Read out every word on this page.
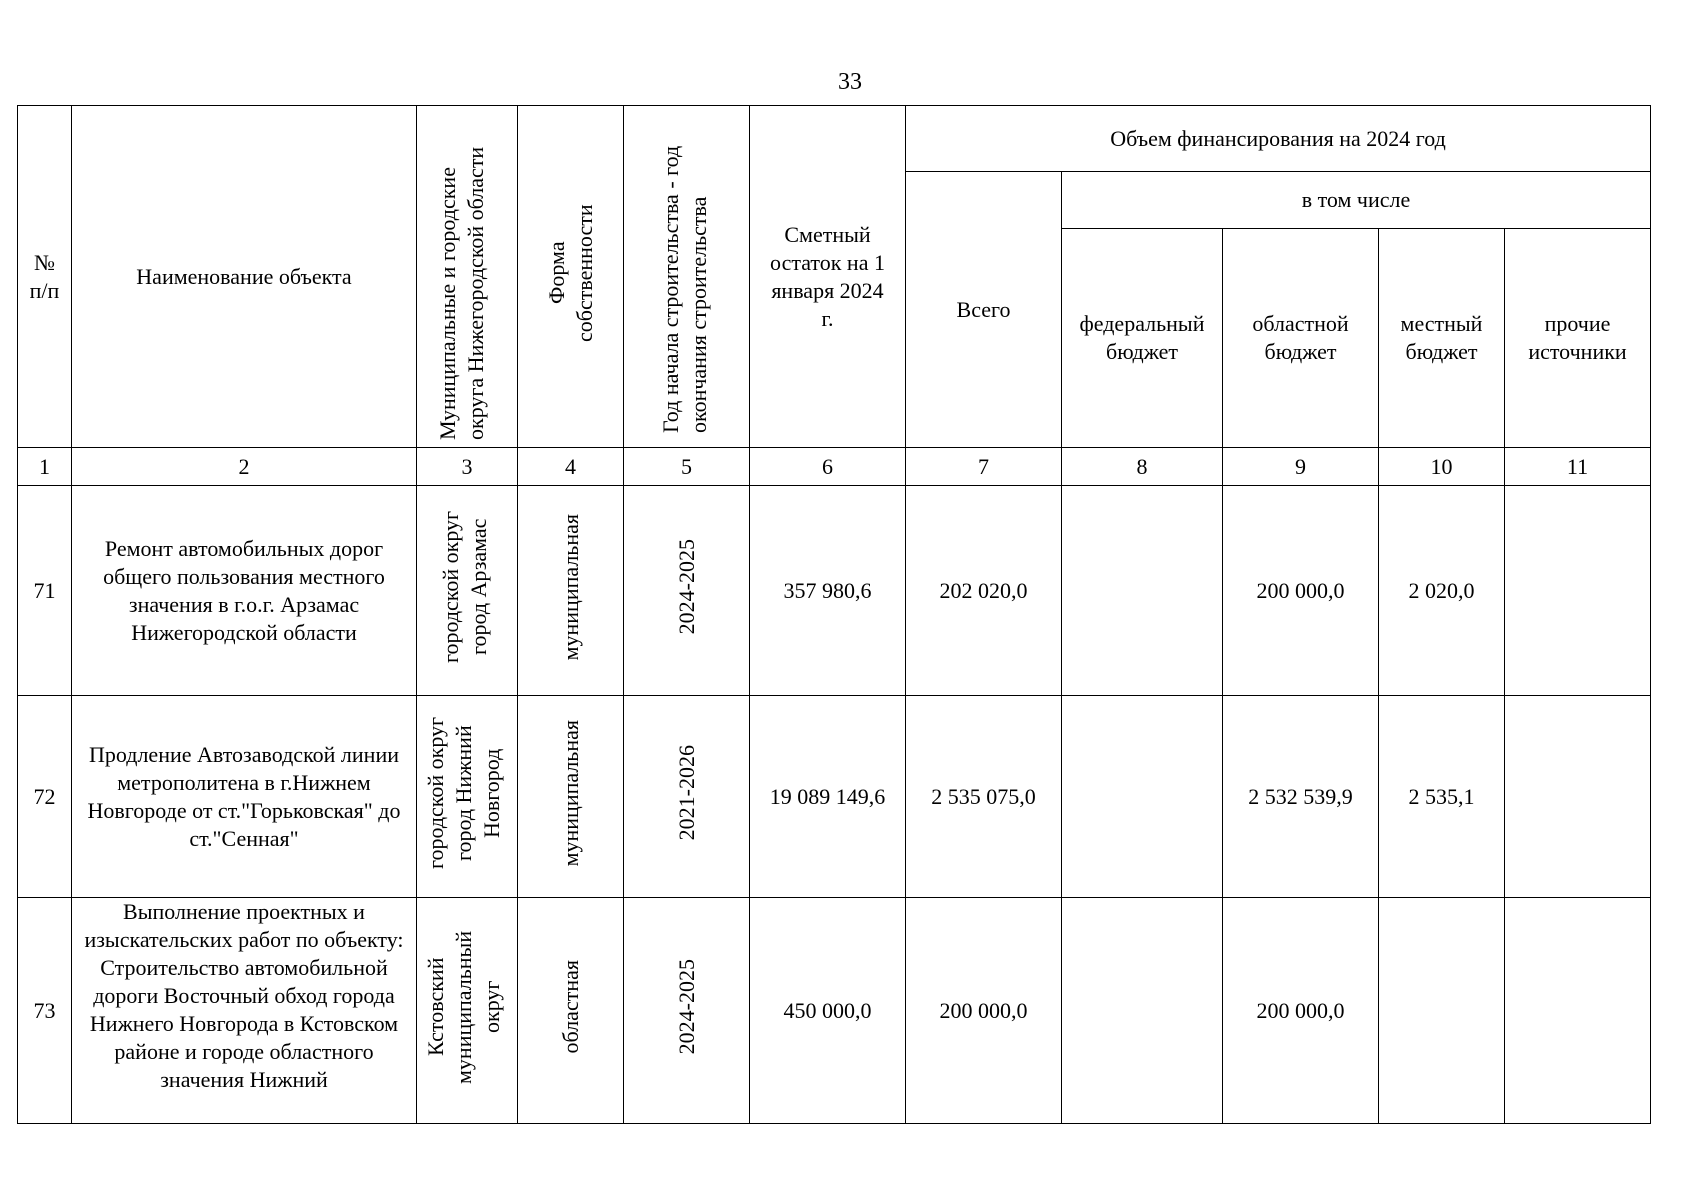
33
№ п/п	Наименование объекта	Муниципальные и городские округа Нижегородской области	Форма собственности	Год начала строительства - год окончания строительства	Сметный остаток на 1 января 2024 г.	Объем финансирования на 2024 год				
						Всего	в том числе			
							федеральный бюджет	областной бюджет	местный бюджет	прочие источники
1	2	3	4	5	6	7	8	9	10	11
71	Ремонт автомобильных дорог общего пользования местного значения в г.о.г. Арзамас Нижегородской области	городской округ город Арзамас	муниципальная	2024-2025	357 980,6	202 020,0		200 000,0	2 020,0	
72	Продление Автозаводской линии метрополитена в г.Нижнем Новгороде от ст."Горьковская" до ст."Сенная"	городской округ город Нижний Новгород	муниципальная	2021-2026	19 089 149,6	2 535 075,0		2 532 539,9	2 535,1	
73	Выполнение проектных и изыскательских работ по объекту: Строительство автомобильной дороги Восточный обход города Нижнего Новгорода в Кстовском районе и городе областного значения Нижний	Кстовский муниципальный округ	областная	2024-2025	450 000,0	200 000,0		200 000,0		
